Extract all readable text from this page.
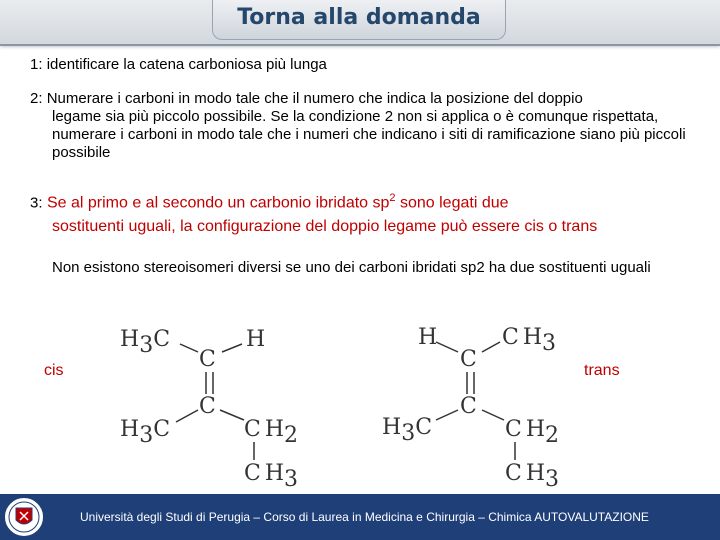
Torna alla domanda
1: identificare la catena carboniosa più lunga
2: Numerare i carboni in modo tale che il numero che indica la posizione del doppio
legame sia più piccolo possibile. Se la condizione 2 non si applica o è comunque rispettata, numerare i carboni in modo tale che i numeri che indicano i siti di ramificazione siano più piccoli possibile
3: Se al primo e al secondo un carbonio ibridato $sp^2$ sono legati due
sostituenti uguali, la configurazione del doppio legame può essere cis o trans
Non esistono stereoisomeri diversi se uno dei carboni ibridati sp2 ha due sostituenti uguali
cis	trans
H3C	H
C
C
H3C	C H2
C H3
H	C H3
C
C
H3C	C H2
C H3
Università degli Studi di Perugia – Corso di Laurea in Medicina e Chirurgia – Chimica AUTOVALUTAZIONE
